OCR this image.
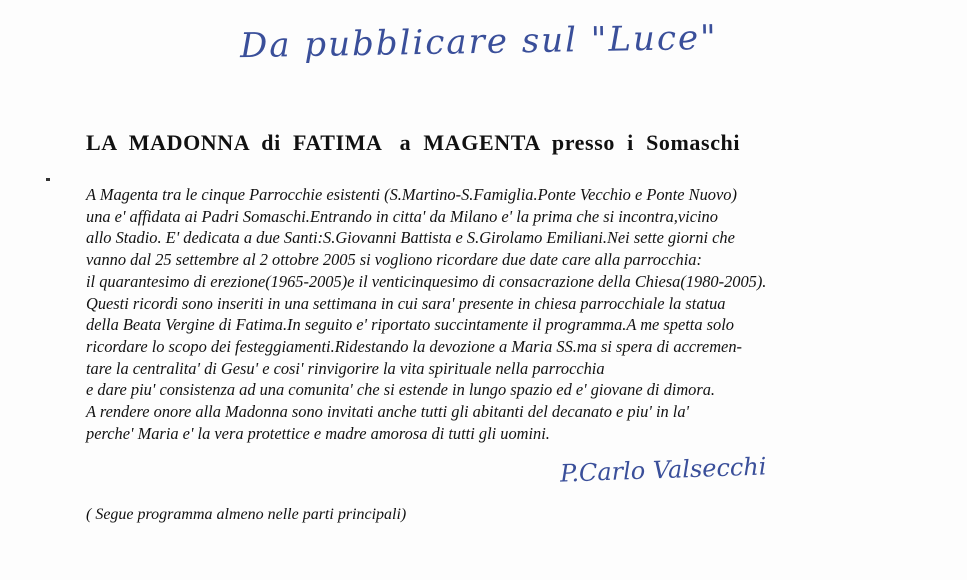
Da pubblicare sul "Luce"
LA  MADONNA  di  FATIMA   a  MAGENTA  presso  i  Somaschi
A Magenta tra le cinque Parrocchie esistenti (S.Martino-S.Famiglia.Ponte Vecchio e Ponte Nuovo)
una e' affidata ai Padri Somaschi.Entrando in citta' da Milano e' la prima che si incontra,vicino
allo Stadio. E' dedicata a due Santi:S.Giovanni Battista e S.Girolamo Emiliani.Nei sette giorni che
vanno dal 25 settembre al 2 ottobre 2005 si vogliono ricordare due date care alla parrocchia:
il quarantesimo di erezione(1965-2005)e il venticinquesimo di consacrazione della Chiesa(1980-2005).
Questi ricordi sono inseriti in una settimana in cui sara' presente in chiesa parrocchiale la statua
della Beata Vergine di Fatima.In seguito e' riportato succintamente il programma.A me spetta solo
ricordare lo scopo dei festeggiamenti.Ridestando la devozione a Maria SS.ma si spera di accremen-
tare la centralita' di Gesu' e cosi' rinvigorire la vita spirituale nella parrocchia
e dare piu' consistenza ad una comunita' che si estende in lungo spazio ed e' giovane di dimora.
A rendere onore alla Madonna sono invitati anche tutti gli abitanti del decanato e piu' in la'
perche' Maria e' la vera protettice e madre amorosa di tutti gli uomini.
P.Carlo Valsecchi
( Segue programma almeno nelle parti principali)
